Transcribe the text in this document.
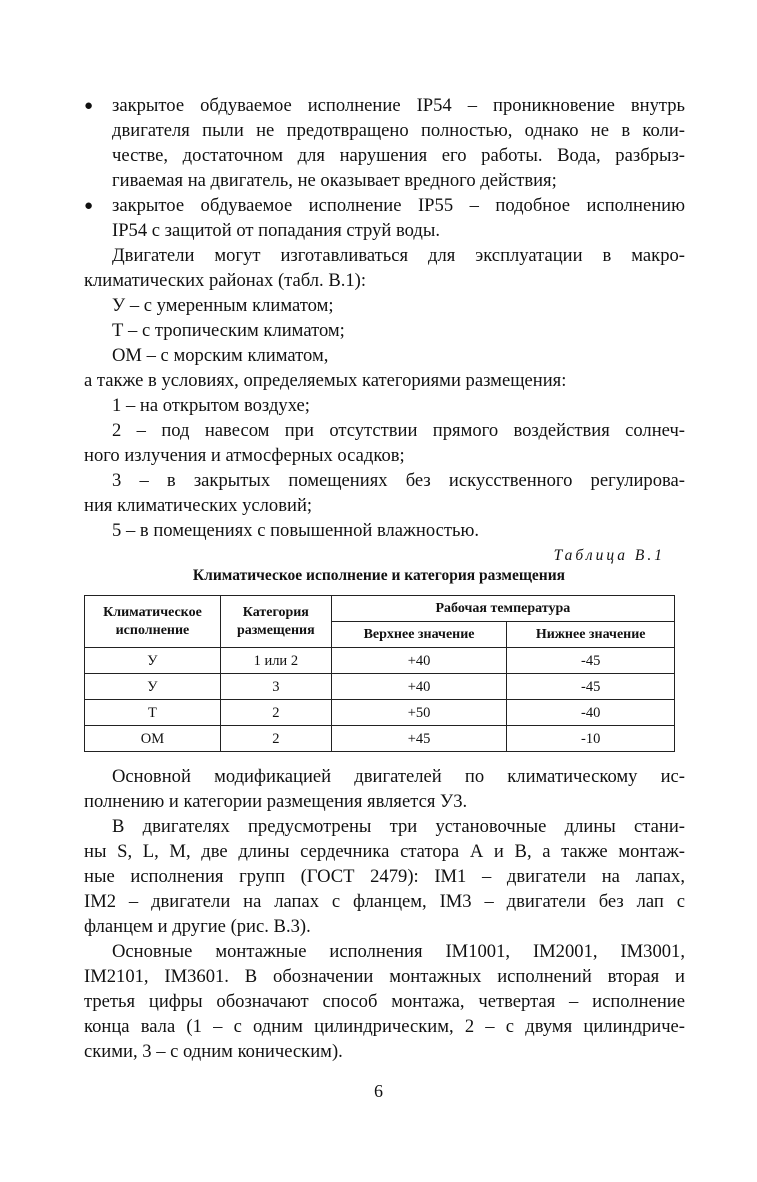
● закрытое обдуваемое исполнение IP54 – проникновение внутрь
двигателя пыли не предотвращено полностью, однако не в коли-
честве, достаточном для нарушения его работы. Вода, разбрыз-
гиваемая на двигатель, не оказывает вредного действия;
● закрытое обдуваемое исполнение IP55 – подобное исполнению
IP54 с защитой от попадания струй воды.
Двигатели могут изготавливаться для эксплуатации в макро-
климатических районах (табл. В.1):
У – с умеренным климатом;
Т – с тропическим климатом;
ОМ – с морским климатом,
а также в условиях, определяемых категориями размещения:
1 – на открытом воздухе;
2 – под навесом при отсутствии прямого воздействия солнеч-
ного излучения и атмосферных осадков;
3 – в закрытых помещениях без искусственного регулирова-
ния климатических условий;
5 – в помещениях с повышенной влажностью.
Таблица В.1
Климатическое исполнение и категория размещения
Климатическое исполнение	Категория размещения	Рабочая температура	
		Верхнее значение	Нижнее значение
У	1 или 2	+40	-45
У	3	+40	-45
Т	2	+50	-40
ОМ	2	+45	-10
Основной модификацией двигателей по климатическому ис-
полнению и категории размещения является У3.
В двигателях предусмотрены три установочные длины стани-
ны S, L, M, две длины сердечника статора А и В, а также монтаж-
ные исполнения групп (ГОСТ 2479): IM1 – двигатели на лапах,
IM2 – двигатели на лапах с фланцем, IM3 – двигатели без лап с
фланцем и другие (рис. В.3).
Основные монтажные исполнения IM1001, IM2001, IM3001,
IM2101, IM3601. В обозначении монтажных исполнений вторая и
третья цифры обозначают способ монтажа, четвертая – исполнение
конца вала (1 – с одним цилиндрическим, 2 – с двумя цилиндриче-
скими, 3 – с одним коническим).
6
